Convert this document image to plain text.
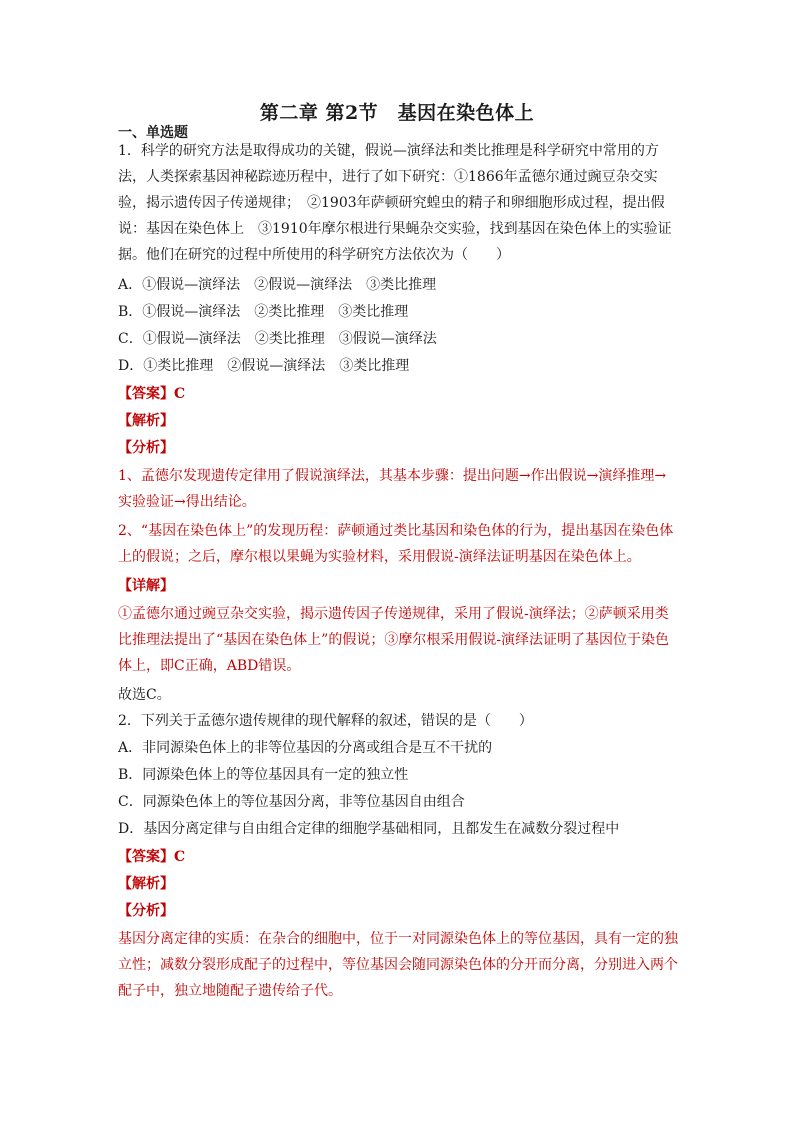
第二章 第2节　基因在染色体上
一、单选题

1．科学的研究方法是取得成功的关键，假说—演绎法和类比推理是科学研究中常用的方法，人类探索基因神秘踪迹历程中，进行了如下研究：①1866年孟德尔通过豌豆杂交实验，揭示遗传因子传递规律；　②1903年萨顿研究蝗虫的精子和卵细胞形成过程，提出假说：基因在染色体上　③1910年摩尔根进行果蝇杂交实验，找到基因在染色体上的实验证据。他们在研究的过程中所使用的科学研究方法依次为（　　）

A．①假说—演绎法　②假说—演绎法　③类比推理

B．①假说—演绎法　②类比推理　③类比推理

C．①假说—演绎法　②类比推理　③假说—演绎法

D．①类比推理　②假说—演绎法　③类比推理

【答案】C

【解析】

【分析】

1、孟德尔发现遗传定律用了假说演绎法，其基本步骤：提出问题→作出假说→演绎推理→实验验证→得出结论。

2、“基因在染色体上”的发现历程：萨顿通过类比基因和染色体的行为，提出基因在染色体上的假说；之后，摩尔根以果蝇为实验材料，采用假说-演绎法证明基因在染色体上。

【详解】

①孟德尔通过豌豆杂交实验，揭示遗传因子传递规律，采用了假说-演绎法；②萨顿采用类比推理法提出了“基因在染色体上”的假说；③摩尔根采用假说-演绎法证明了基因位于染色体上，即C正确，ABD错误。

故选C。

2．下列关于孟德尔遗传规律的现代解释的叙述，错误的是（　　）

A．非同源染色体上的非等位基因的分离或组合是互不干扰的

B．同源染色体上的等位基因具有一定的独立性

C．同源染色体上的等位基因分离，非等位基因自由组合

D．基因分离定律与自由组合定律的细胞学基础相同，且都发生在减数分裂过程中

【答案】C

【解析】

【分析】

基因分离定律的实质：在杂合的细胞中，位于一对同源染色体上的等位基因，具有一定的独立性；减数分裂形成配子的过程中，等位基因会随同源染色体的分开而分离，分别进入两个配子中，独立地随配子遗传给子代。
